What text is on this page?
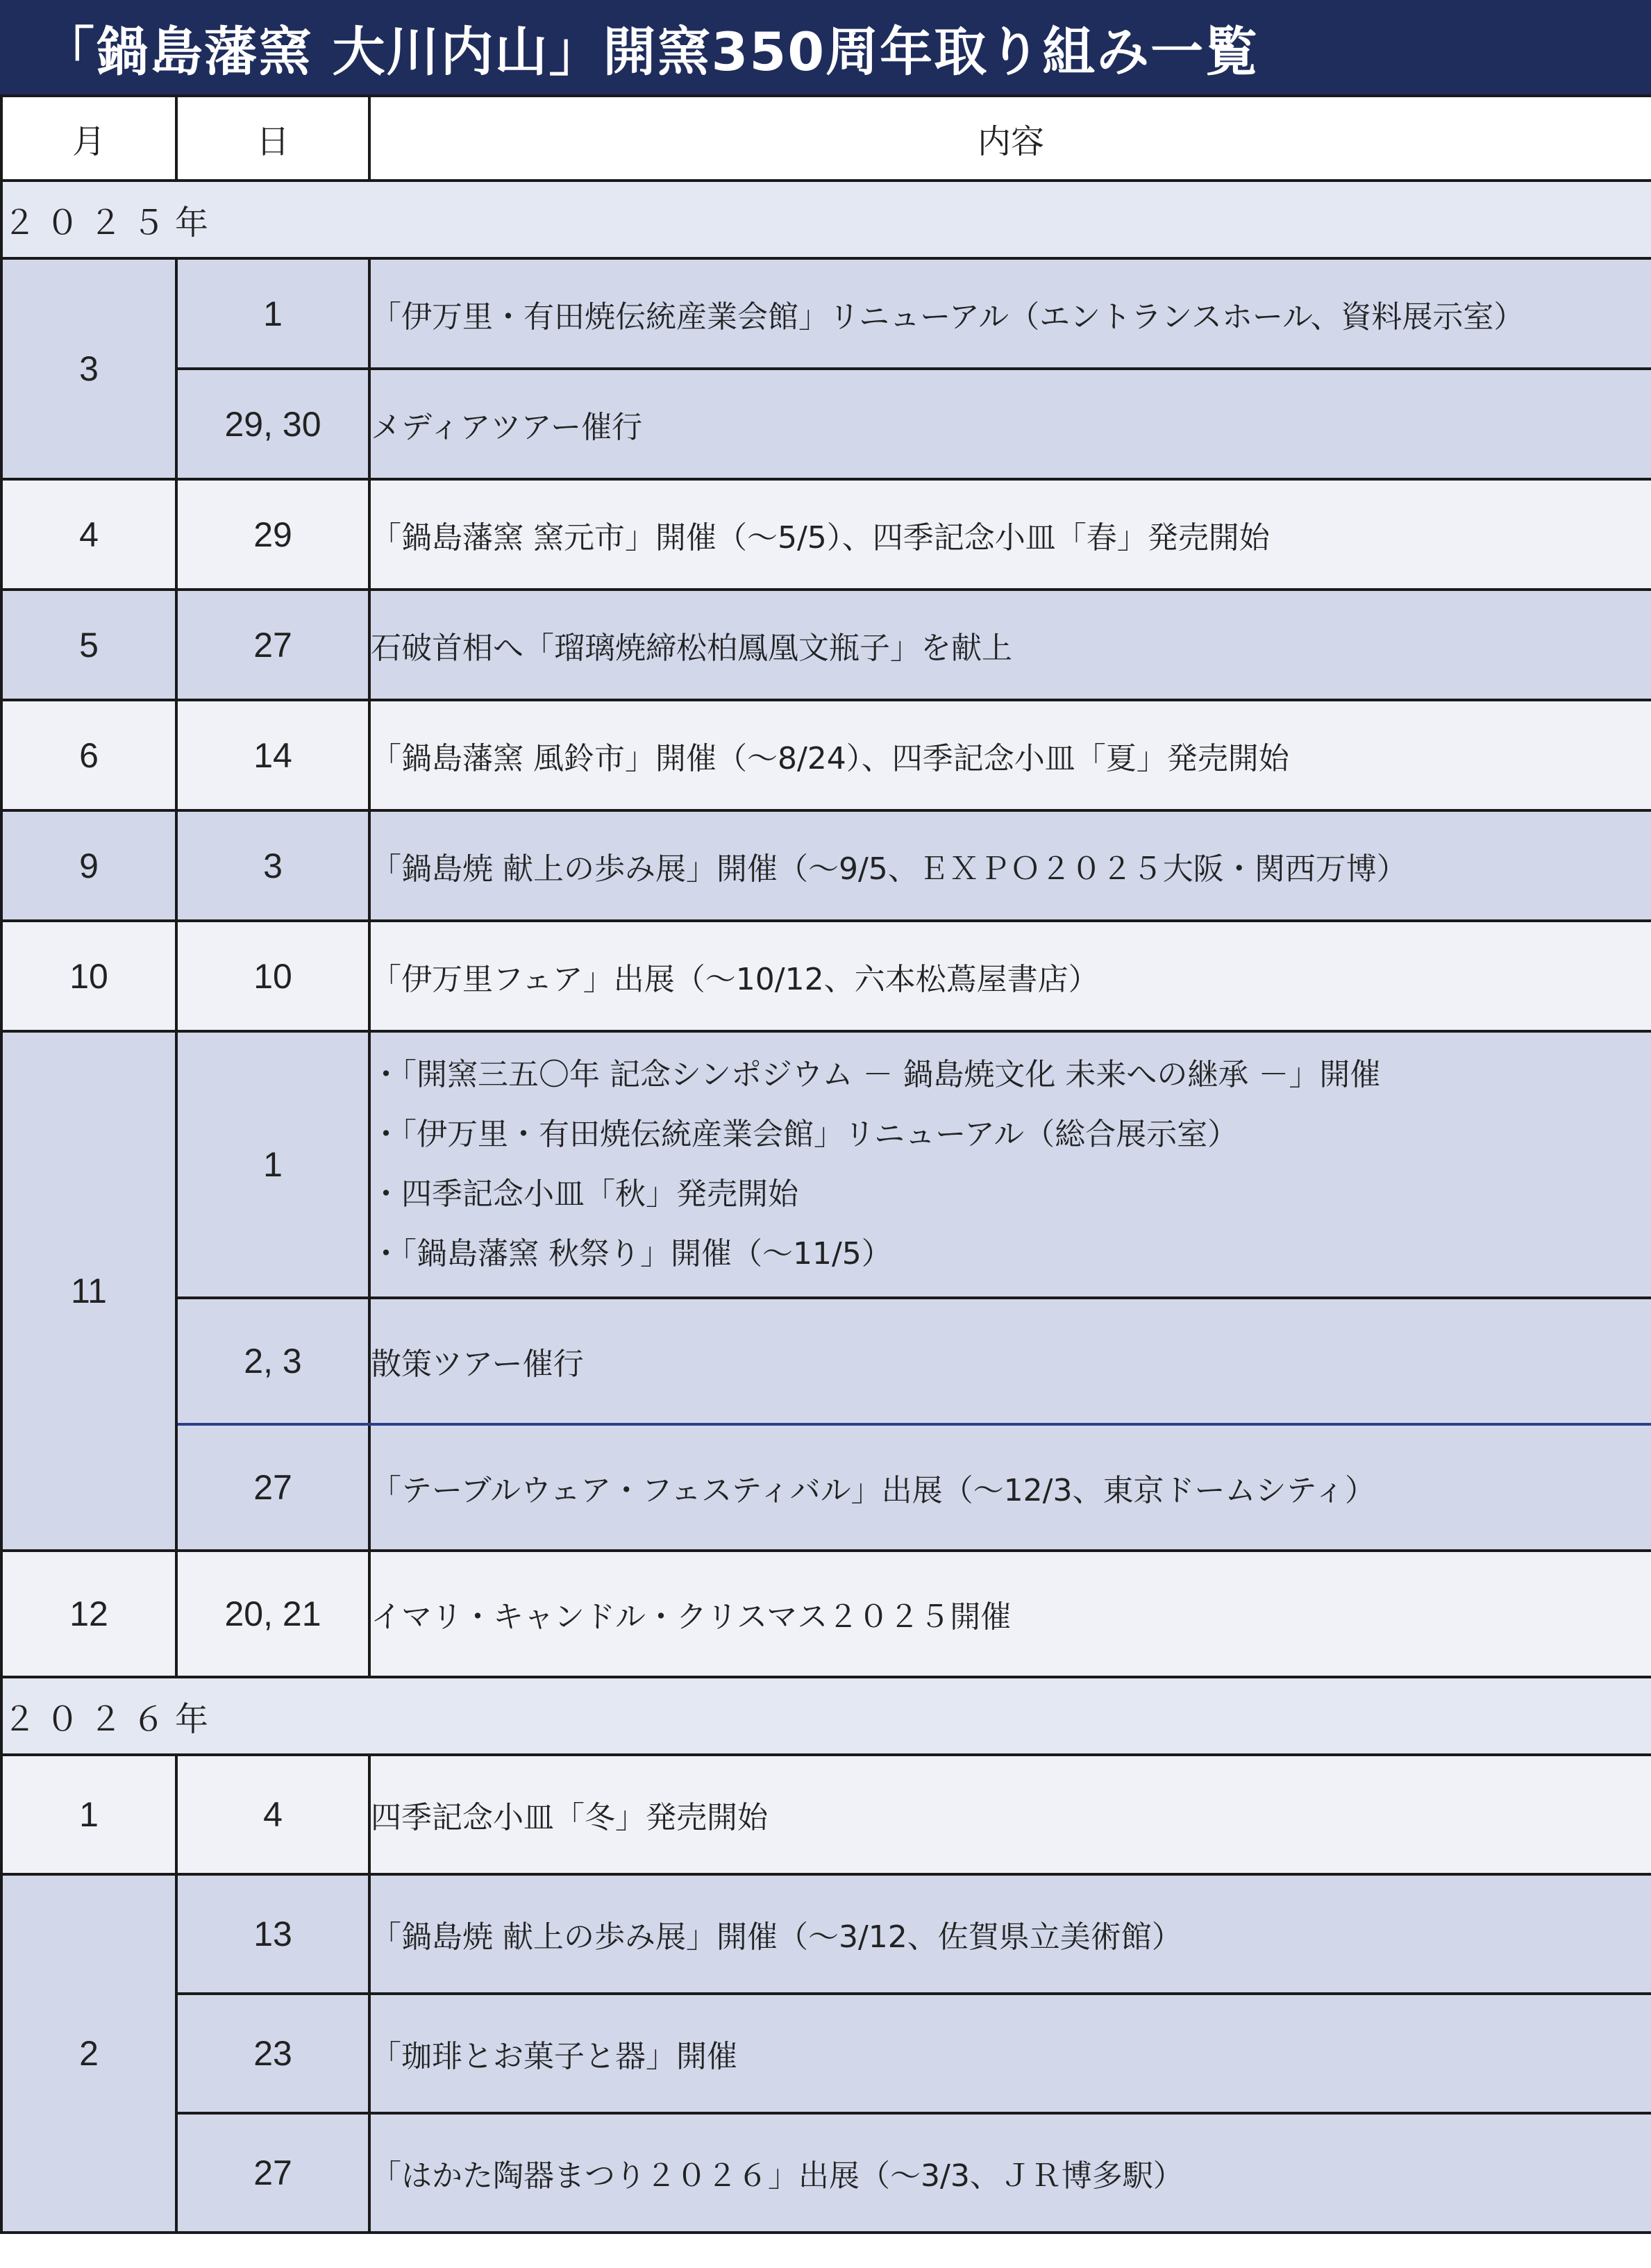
「鍋島藩窯 大川内山」開窯350周年取り組み一覧
月	日	内容
２０２５年		
3	1	「伊万里・有田焼伝統産業会館」リニューアル（エントランスホール、資料展示室）
	29, 30	メディアツアー催行
4	29	「鍋島藩窯 窯元市」開催（～5/5）、四季記念小皿「春」発売開始
5	27	石破首相へ「瑠璃焼締松柏鳳凰文瓶子」を献上
6	14	「鍋島藩窯 風鈴市」開催（～8/24）、四季記念小皿「夏」発売開始
9	3	「鍋島焼 献上の歩み展」開催（～9/5、ＥＸＰＯ２０２５大阪・関西万博）
10	10	「伊万里フェア」出展（～10/12、六本松蔦屋書店）
11	1	・「開窯三五〇年 記念シンポジウム － 鍋島焼文化 未来への継承 －」開催
・「伊万里・有田焼伝統産業会館」リニューアル（総合展示室）
・四季記念小皿「秋」発売開始
・「鍋島藩窯 秋祭り」開催（～11/5）

	2, 3	散策ツアー催行
	27	「テーブルウェア・フェスティバル」出展（～12/3、東京ドームシティ）
12	20, 21	イマリ・キャンドル・クリスマス２０２５開催
２０２６年		
1	4	四季記念小皿「冬」発売開始
2	13	「鍋島焼 献上の歩み展」開催（～3/12、佐賀県立美術館）
	23	「珈琲とお菓子と器」開催
	27	「はかた陶器まつり２０２６」出展（～3/3、ＪＲ博多駅）
